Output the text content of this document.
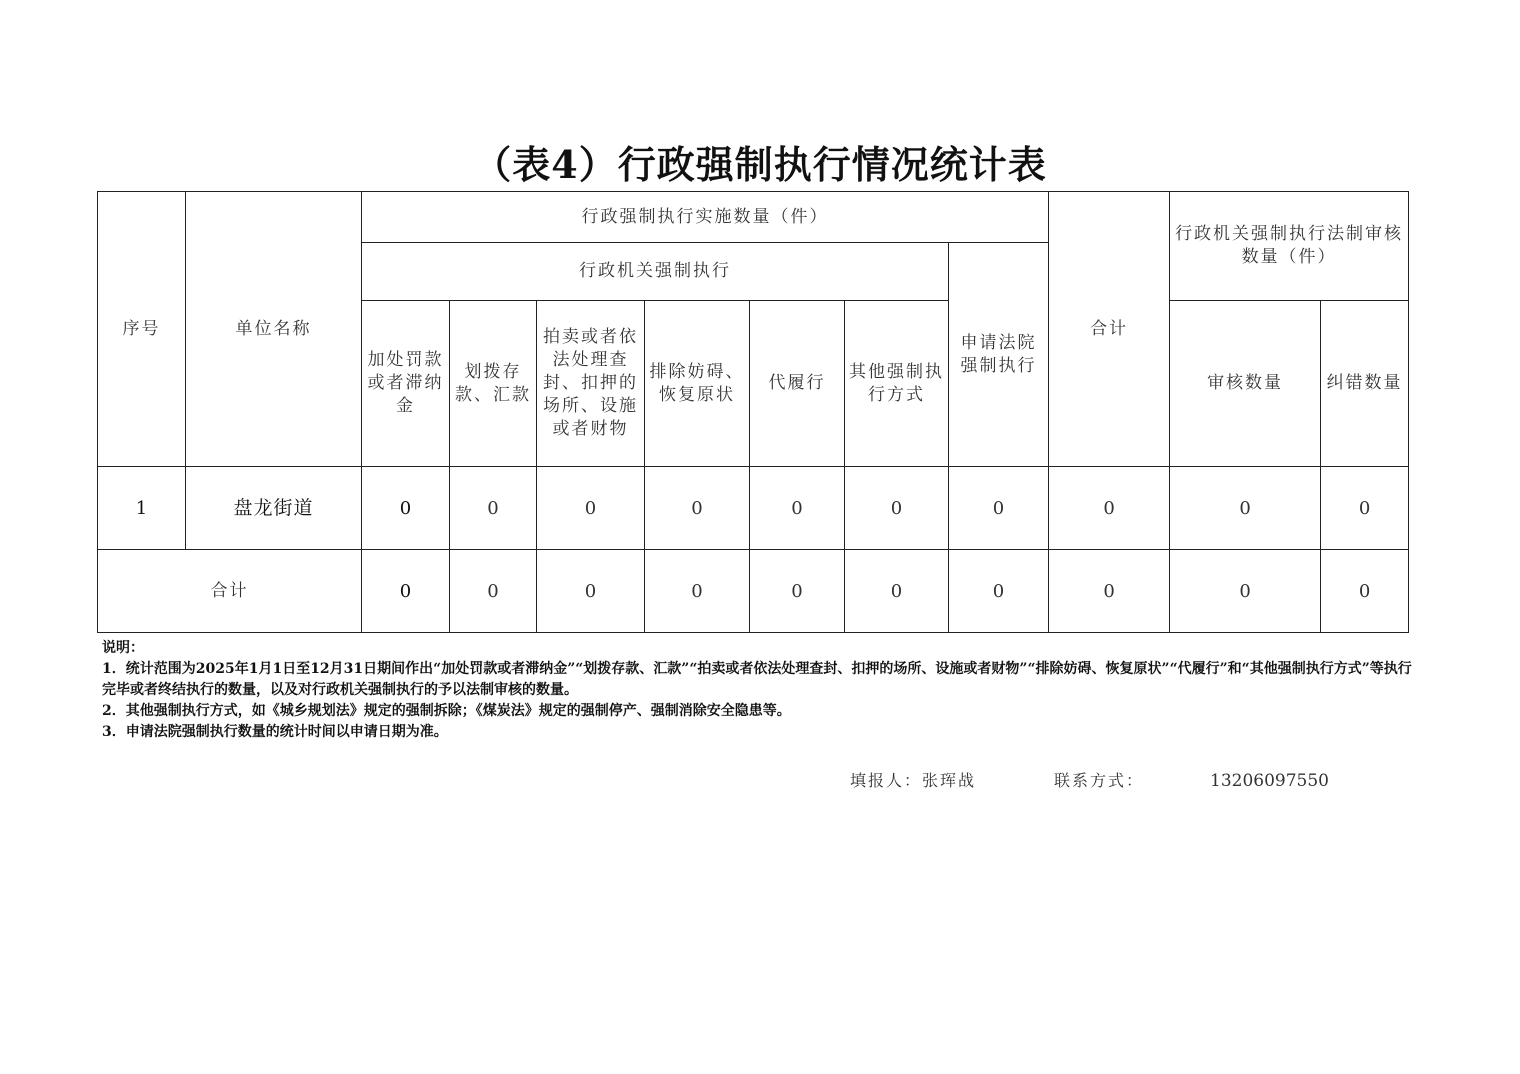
（表4）行政强制执行情况统计表
序号	单位名称	行政强制执行实施数量（件）							合计	行政机关强制执行法制审核数量（件）	
		行政机关强制执行						申请法院强制执行			
		加处罚款或者滞纳金	划拨存款、汇款	拍卖或者依法处理查封、扣押的场所、设施或者财物	排除妨碍、恢复原状	代履行	其他强制执行方式			审核数量	纠错数量
1	盘龙街道	0	0	0	0	0	0	0	0	0	0
合计		0	0	0	0	0	0	0	0	0	0
说明：
1．统计范围为2025年1月1日至12月31日期间作出“加处罚款或者滞纳金”“划拨存款、汇款”“拍卖或者依法处理查封、扣押的场所、设施或者财物”“排除妨碍、恢复原状”“代履行”和“其他强制执行方式”等执行完毕或者终结执行的数量，以及对行政机关强制执行的予以法制审核的数量。
2．其他强制执行方式，如《城乡规划法》规定的强制拆除；《煤炭法》规定的强制停产、强制消除安全隐患等。
3．申请法院强制执行数量的统计时间以申请日期为准。
填报人：张珲战	联系方式：	13206097550
